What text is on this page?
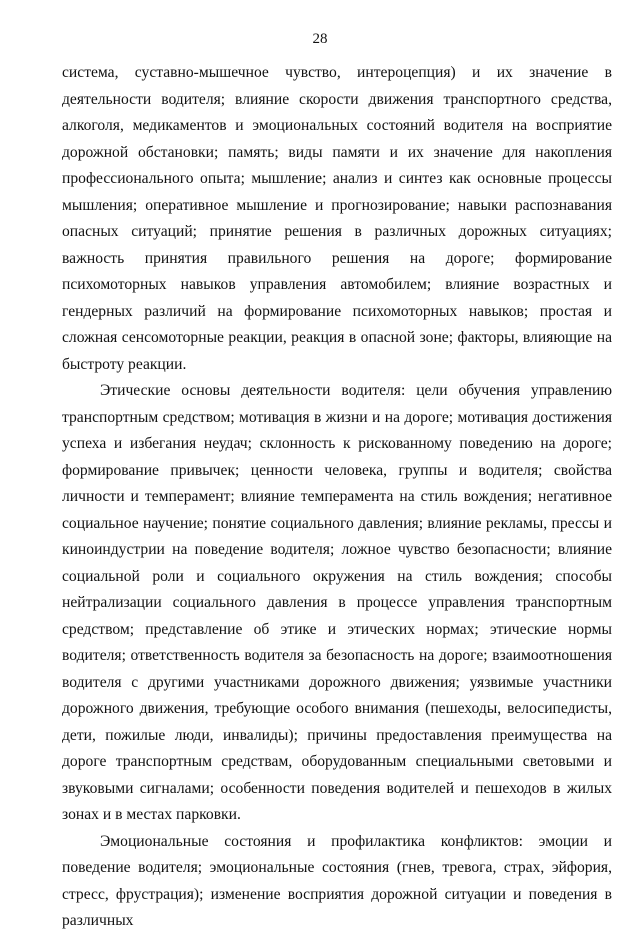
28

система, суставно-мышечное чувство, интероцепция) и их значение в деятельности водителя; влияние скорости движения транспортного средства, алкоголя, медикаментов и эмоциональных состояний водителя на восприятие дорожной обстановки; память; виды памяти и их значение для накопления профессионального опыта; мышление; анализ и синтез как основные процессы мышления; оперативное мышление и прогнозирование; навыки распознавания опасных ситуаций; принятие решения в различных дорожных ситуациях; важность принятия правильного решения на дороге; формирование психомоторных навыков управления автомобилем; влияние возрастных и гендерных различий на формирование психомоторных навыков; простая и сложная сенсомоторные реакции, реакция в опасной зоне; факторы, влияющие на быстроту реакции.

Этические основы деятельности водителя: цели обучения управлению транспортным средством; мотивация в жизни и на дороге; мотивация достижения успеха и избегания неудач; склонность к рискованному поведению на дороге; формирование привычек; ценности человека, группы и водителя; свойства личности и темперамент; влияние темперамента на стиль вождения; негативное социальное научение; понятие социального давления; влияние рекламы, прессы и киноиндустрии на поведение водителя; ложное чувство безопасности; влияние социальной роли и социального окружения на стиль вождения; способы нейтрализации социального давления в процессе управления транспортным средством; представление об этике и этических нормах; этические нормы водителя; ответственность водителя за безопасность на дороге; взаимоотношения водителя с другими участниками дорожного движения; уязвимые участники дорожного движения, требующие особого внимания (пешеходы, велосипедисты, дети, пожилые люди, инвалиды); причины предоставления преимущества на дороге транспортным средствам, оборудованным специальными световыми и звуковыми сигналами; особенности поведения водителей и пешеходов в жилых зонах и в местах парковки.

Эмоциональные состояния и профилактика конфликтов: эмоции и поведение водителя; эмоциональные состояния (гнев, тревога, страх, эйфория, стресс, фрустрация); изменение восприятия дорожной ситуации и поведения в различных
